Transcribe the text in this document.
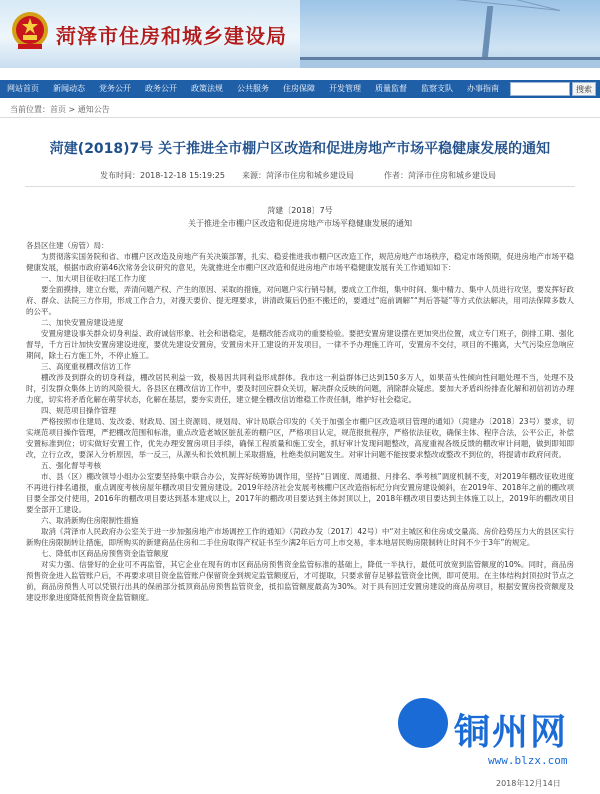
菏泽市住房和城乡建设局
网站首页	新闻动态	党务公开	政务公开	政策法规	公共服务	住房保障	开发管理	质量监督	监察支队	办事指南	搜索
当前位置：首页 > 通知公告
菏建(2018)7号 关于推进全市棚户区改造和促进房地产市场平稳健康发展的通知
发布时间：2018-12-18 15:19:25 来源：菏泽市住房和城乡建设局	作者：菏泽市住房和城乡建设局
菏建〔2018〕7号
关于推进全市棚户区改造和促进房地产市场平稳健康发展的通知

各县区住建（房管）局：

为贯彻落实国务院和省、市棚户区改造及房地产有关决策部署，扎实、稳妥推进我市棚户区改造工作，规范房地产市场秩序，稳定市场预期，促进房地产市场平稳健康发展，根据市政府第46次常务会议研究的意见，先就推进全市棚户区改造和促进房地产市场平稳健康发展有关工作通知如下：

一、加大项目征收扫尾工作力度

要全面摸排，建立台账，弄清问题产权、产生的原因、采取的措施，对问题户实行销号制，要成立工作组，集中时间、集中精力、集中人员进行攻坚，要发挥好政府、群众、法院三方作用，形成工作合力，对漫天要价、提无理要求，讲清政策后仍拒不搬迁的，要通过“庭前调解”“判后答疑”等方式依法解决，用司法保障多数人的公平。

二、加快安置房建设进度

安置房建设事关群众切身利益、政府诚信形象、社会和谐稳定，是棚改能否成功的重要检验。要把安置房建设摆在更加突出位置，成立专门班子，倒排工期、强化督导，千方百计加快安置房建设进度，要优先建设安置房，安置房未开工建设的开发项目，一律不予办理施工许可，安置房不交付，项目的不搬离，大气污染应急响应期间，除土石方施工外，不停止施工。

三、高度重视棚改信访工作

棚改涉及到群众的切身利益，棚改居民利益一致，极易因共同利益形成群体。我市这一利益群体已达到150多万人，如果苗头性倾向性问题处理不当，处理不及时，引发群众集体上访的风险很大。各县区在棚改信访工作中，要及时回应群众关切，解决群众反映的问题，消除群众疑虑。要加大矛盾纠纷排查化解和初信初访办理力度，切实将矛盾化解在萌芽状态，化解在基层，要夯实责任，建立健全棚改信访维稳工作责任制，维护好社会稳定。

四、规范项目操作管理

严格按照市住建局、发改委、财政局、国土资源局、规划局、审计局联合印发的《关于加强全市棚户区改造项目管理的通知》（菏建办〔2018〕23号）要求，切实规范项目操作管理，严把棚改范围和标准，重点改造老城区脏乱差的棚户区，严格项目认定，规范报批程序，严格依法征收，确保主体、程序合法，公平公正，补偿安置标准到位；切实做好安置工作，优先办理安置房项目手续，确保工程质量和施工安全，抓好审计发现问题整改，高度重视各级反馈的棚改审计问题，做到即知即改，立行立改，要深入分析原因，举一反三，从源头和长效机制上采取措施，杜绝类似问题发生。对审计问题不能按要求整改或整改不到位的，将提请市政府问责。

五、强化督导考核

市、县（区）棚改领导小组办公室要坚持集中联合办公，发挥好统筹协调作用，坚持“日调度、周通报、月排名、季考核”调度机制不变，对2019年棚改征收进度不再进行排名通报，重点调度考核房屋年棚改项目安置房建设。2019年经济社会发展考核棚户区改造指标纪分向安置房建设倾斜，在2019年、2018年之前的棚改项目要全部交付使用，2016年的棚改项目要达到基本建成以上，2017年的棚改项目要达到主体封顶以上，2018年棚改项目要达到主体施工以上，2019年的棚改项目要全部开工建设。

六、取消新购住房限制性措施

取消《菏泽市人民政府办公室关于进一步加强房地产市场调控工作的通知》（菏政办发〔2017〕42号）中“对主城区和住房成交量高、房价趋势压力大的县区实行新购住房限制转让措施，即所购买的新建商品住房和二手住房取得产权证书至少满2年后方可上市交易，非本地居民购房限制转让时间不少于3年”的规定。

七、降低市区商品房预售资金监管额度

对实力强、信誉好的企业可不再监管，其它企业在现有的市区商品房预售资金监管标准的基础上，降低一半执行，最低可放宽到监管额度的10%。同时，商品房预售资金进入监管账户后，不再要求项目资金监管账户保留资金到规定监管额度后，才可提取，只要求留存足够监管资金比例，即可使用。在主体结构封顶拉时节点之前，商品房预售人可以凭银行出具的保函部分抵顶商品房预售监管资金，抵扣监管额度最高为30%。对于具有回迁安置房建设的商品房项目，根据安置房投资额度及建设形象进度降低预售资金监管额度。

铜州网
www.blzx.com
2018年12月14日
